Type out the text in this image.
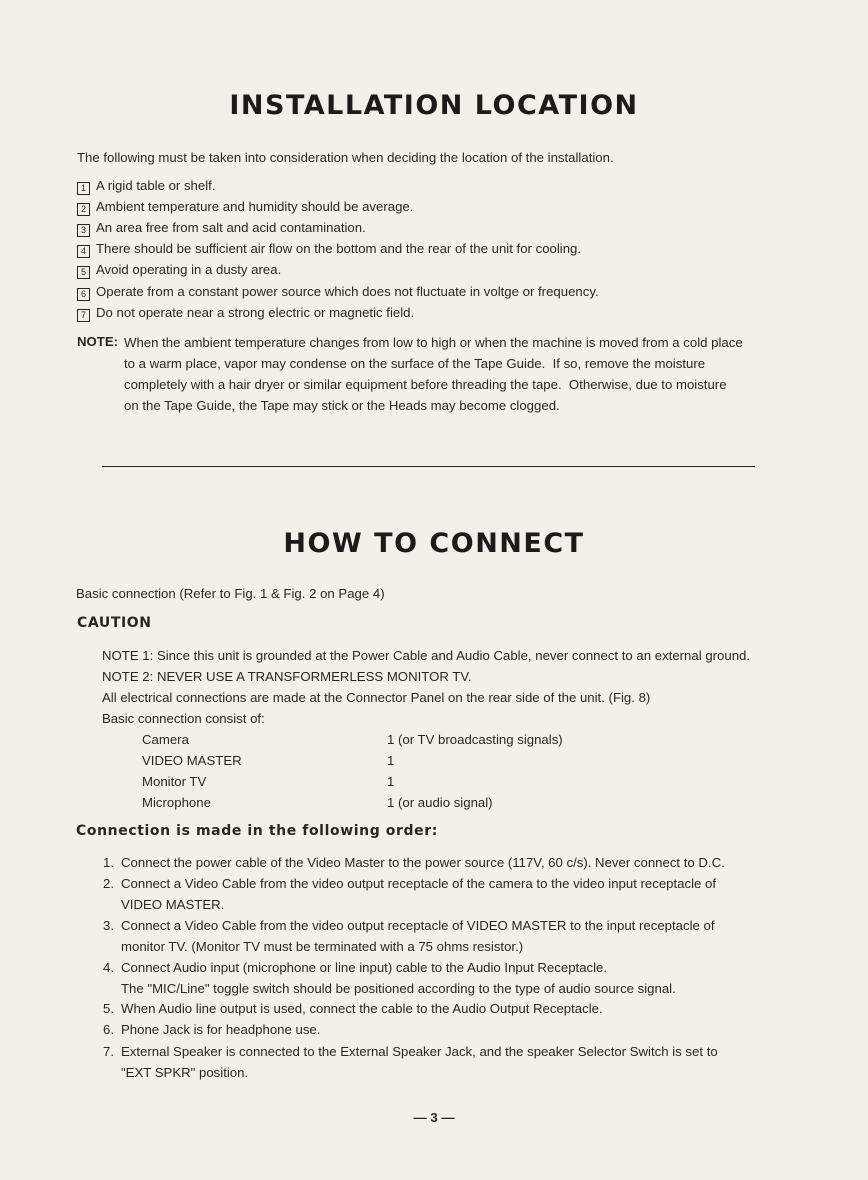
INSTALLATION LOCATION
The following must be taken into consideration when deciding the location of the installation.
1 A rigid table or shelf.
2 Ambient temperature and humidity should be average.
3 An area free from salt and acid contamination.
4 There should be sufficient air flow on the bottom and the rear of the unit for cooling.
5 Avoid operating in a dusty area.
6 Operate from a constant power source which does not fluctuate in voltge or frequency.
7 Do not operate near a strong electric or magnetic field.
NOTE: When the ambient temperature changes from low to high or when the machine is moved from a cold place
to a warm place, vapor may condense on the surface of the Tape Guide.  If so, remove the moisture
completely with a hair dryer or similar equipment before threading the tape.  Otherwise, due to moisture
on the Tape Guide, the Tape may stick or the Heads may become clogged.
HOW TO CONNECT
Basic connection (Refer to Fig. 1 & Fig. 2 on Page 4)
CAUTION
NOTE 1: Since this unit is grounded at the Power Cable and Audio Cable, never connect to an external ground.
NOTE 2: NEVER USE A TRANSFORMERLESS MONITOR TV.
All electrical connections are made at the Connector Panel on the rear side of the unit. (Fig. 8)
Basic connection consist of:
Camera	1 (or TV broadcasting signals)
VIDEO MASTER	1
Monitor TV	1
Microphone	1 (or audio signal)
Connection is made in the following order:
1. Connect the power cable of the Video Master to the power source (117V, 60 c/s). Never connect to D.C.
2. Connect a Video Cable from the video output receptacle of the camera to the video input receptacle of
VIDEO MASTER.
3. Connect a Video Cable from the video output receptacle of VIDEO MASTER to the input receptacle of
monitor TV. (Monitor TV must be terminated with a 75 ohms resistor.)
4. Connect Audio input (microphone or line input) cable to the Audio Input Receptacle.
The "MIC/Line" toggle switch should be positioned according to the type of audio source signal.
5. When Audio line output is used, connect the cable to the Audio Output Receptacle.
6. Phone Jack is for headphone use.
7. External Speaker is connected to the External Speaker Jack, and the speaker Selector Switch is set to
"EXT SPKR" position.
— 3 —
